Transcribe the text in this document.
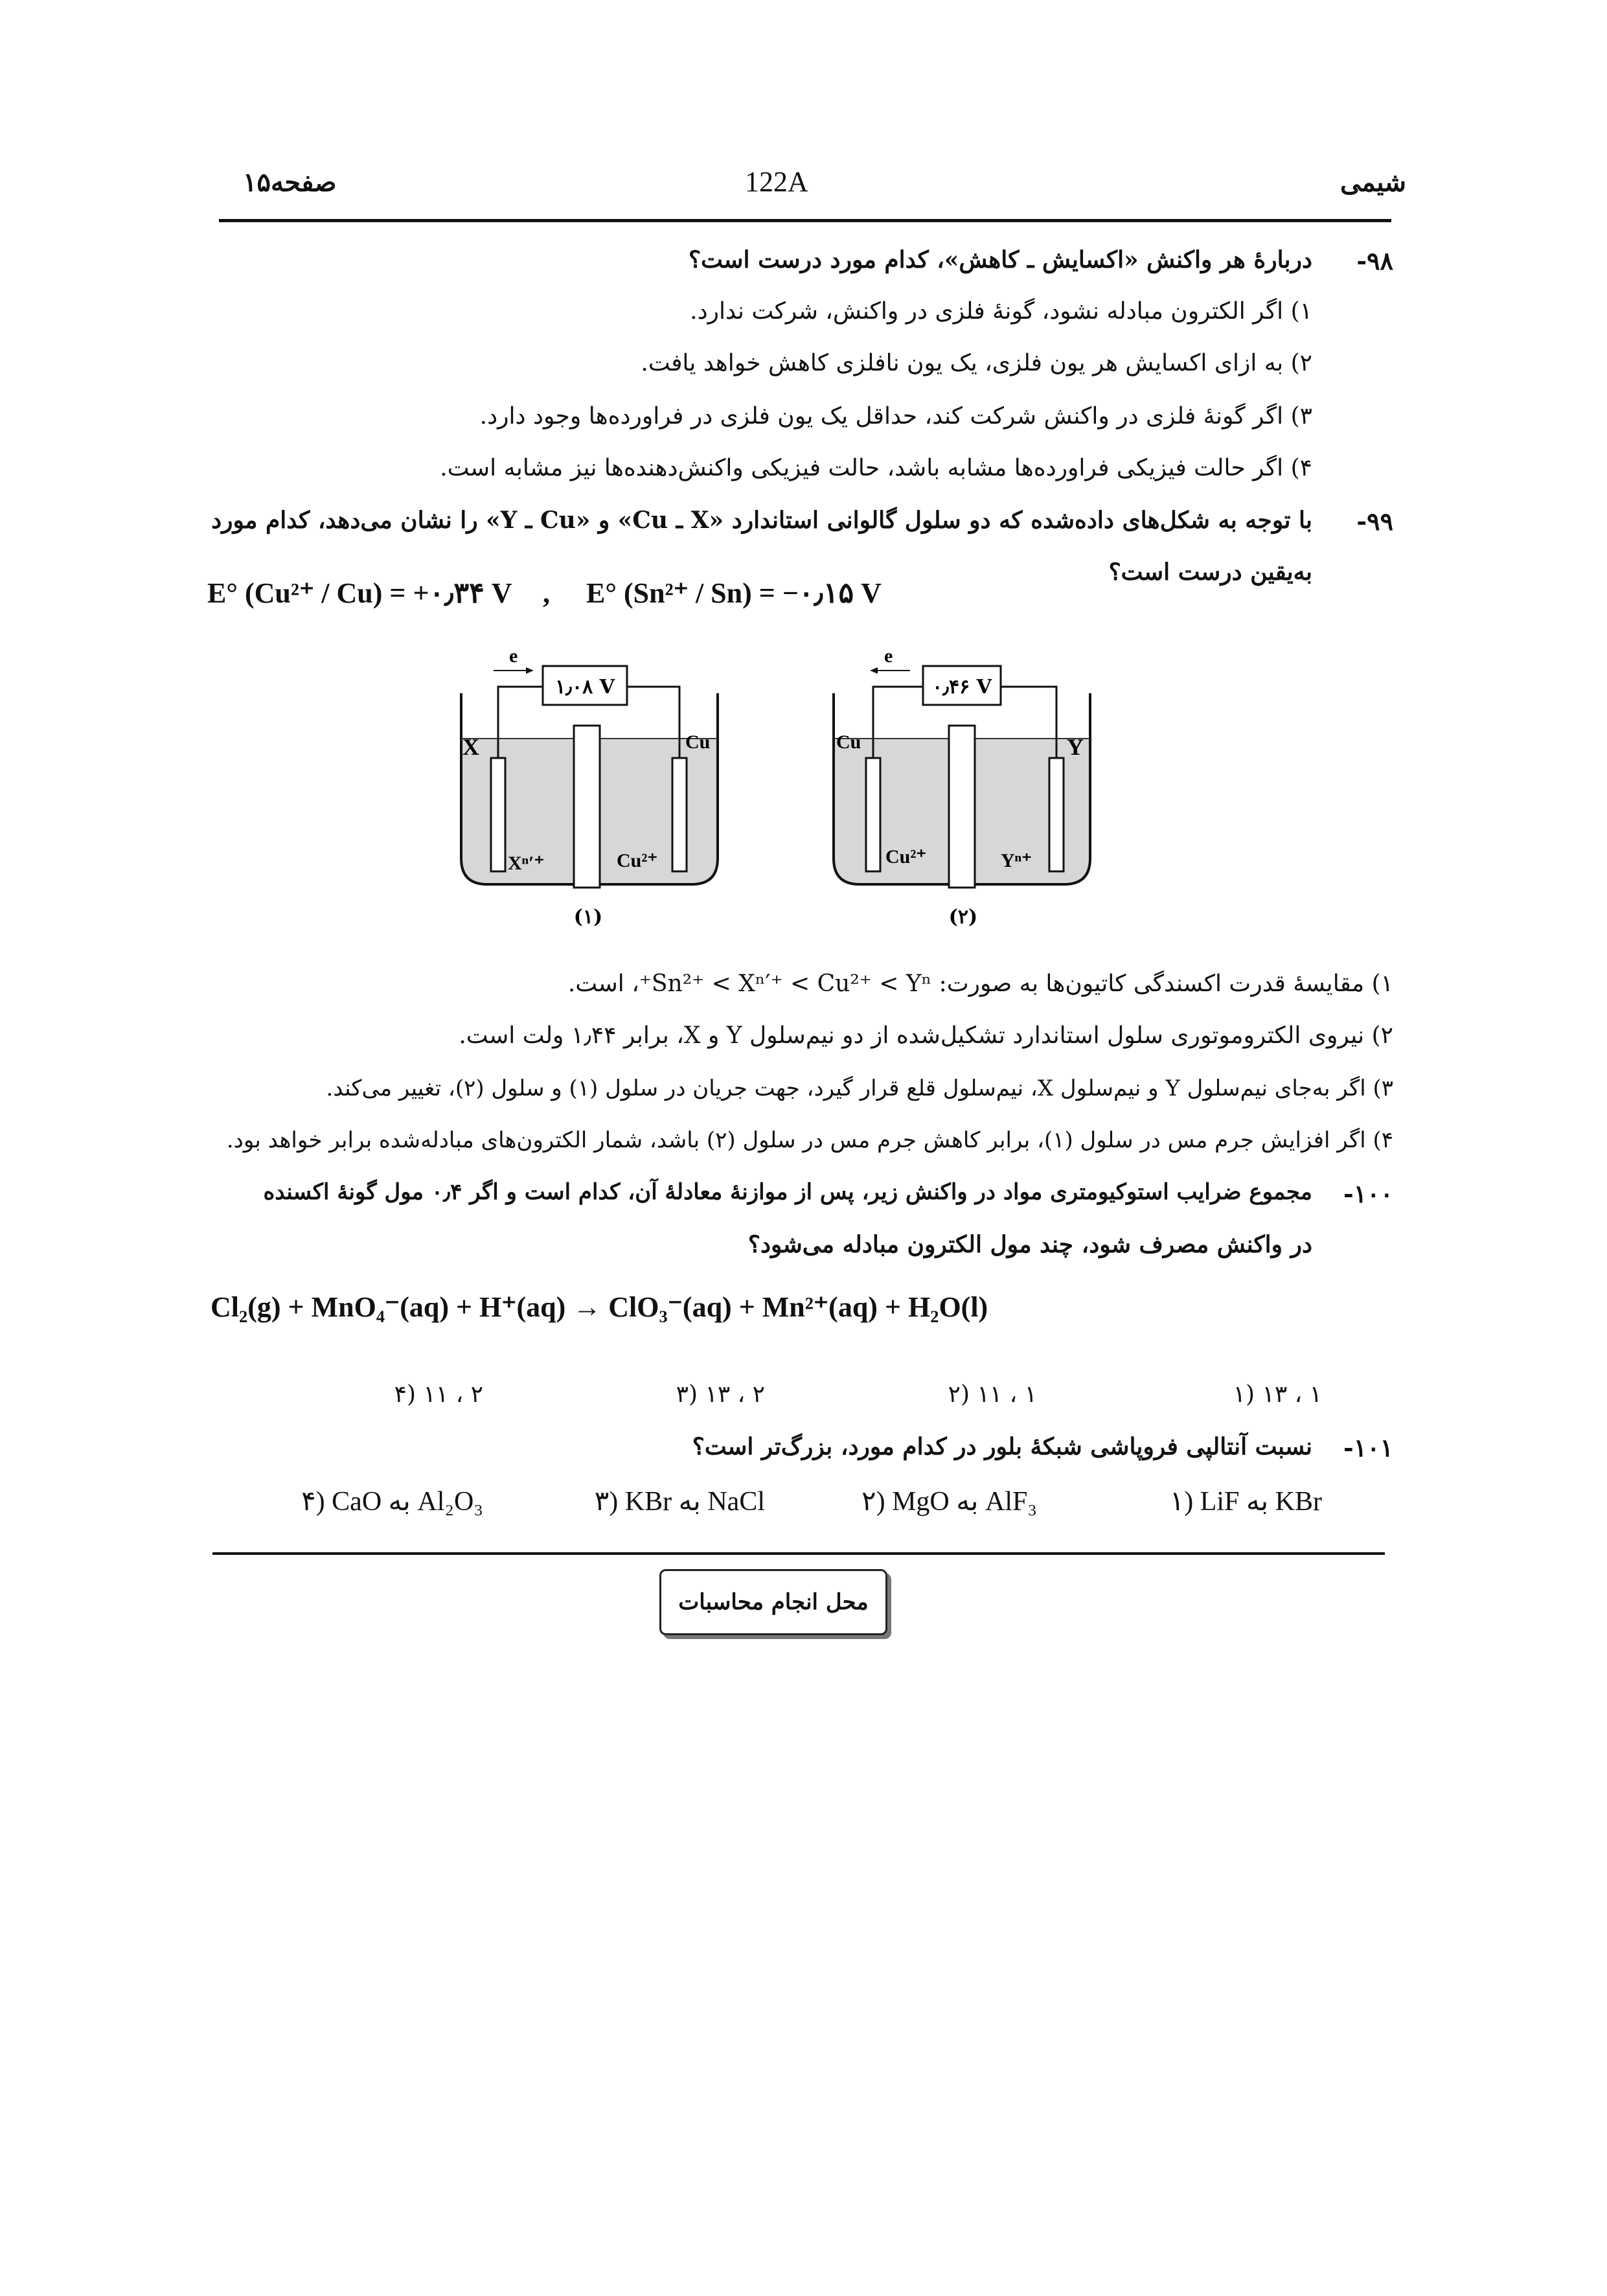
شیمی
122A
صفحه۱۵
-۹۸
دربارهٔ هر واکنش «اکسایش ـ کاهش»، کدام مورد درست است؟
۱) اگر الکترون مبادله نشود، گونهٔ فلزی در واکنش، شرکت ندارد.
۲) به ازای اکسایش هر یون فلزی، یک یون نافلزی کاهش خواهد یافت.
۳) اگر گونهٔ فلزی در واکنش شرکت کند، حداقل یک یون فلزی در فراورده‌ها وجود دارد.
۴) اگر حالت فیزیکی فراورده‌ها مشابه باشد، حالت فیزیکی واکنش‌دهنده‌ها نیز مشابه است.
-۹۹
با توجه به شکل‌های داده‌شده که دو سلول گالوانی استاندارد «X ـ Cu» و «Cu ـ Y» را نشان می‌دهد، کدام مورد
به‌یقین درست است؟
E° (Cu²⁺ / Cu) = +۰٫۳۴ V , E° (Sn²⁺ / Sn) = −۰٫۱۵ V
۱٫۰۸ V
e
X	Cu
Xⁿ′⁺	Cu²⁺
(۱)
۰٫۴۶ V
e
Cu	Y
Cu²⁺	Yⁿ⁺
(۲)
۱) مقایسهٔ قدرت اکسندگی کاتیون‌ها به صورت: Sn²⁺ < Xⁿ′⁺ < Cu²⁺ < Yⁿ⁺، است.
۲) نیروی الکتروموتوری سلول استاندارد تشکیل‌شده از دو نیم‌سلول Y و X، برابر ۱٫۴۴ ولت است.
۳) اگر به‌جای نیم‌سلول Y و نیم‌سلول X، نیم‌سلول قلع قرار گیرد، جهت جریان در سلول (۱) و سلول (۲)، تغییر می‌کند.
۴) اگر افزایش جرم مس در سلول (۱)، برابر کاهش جرم مس در سلول (۲) باشد، شمار الکترون‌های مبادله‌شده برابر خواهد بود.
-۱۰۰
مجموع ضرایب استوکیومتری مواد در واکنش زیر، پس از موازنهٔ معادلهٔ آن، کدام است و اگر ۰٫۴ مول گونهٔ اکسنده
در واکنش مصرف شود، چند مول الکترون مبادله می‌شود؟
Cl₂(g) + MnO₄⁻(aq) + H⁺(aq) → ClO₃⁻(aq) + Mn²⁺(aq) + H₂O(l)
۱) ۱۳ ، ۱
۲) ۱۱ ، ۱
۳) ۱۳ ، ۲
۴) ۱۱ ، ۲
-۱۰۱
نسبت آنتالپی فروپاشی شبکهٔ بلور در کدام مورد، بزرگ‌تر است؟
۱) LiF به KBr
۲) MgO به AlF₃
۳) KBr به NaCl
۴) CaO به Al₂O₃
محل انجام محاسبات
